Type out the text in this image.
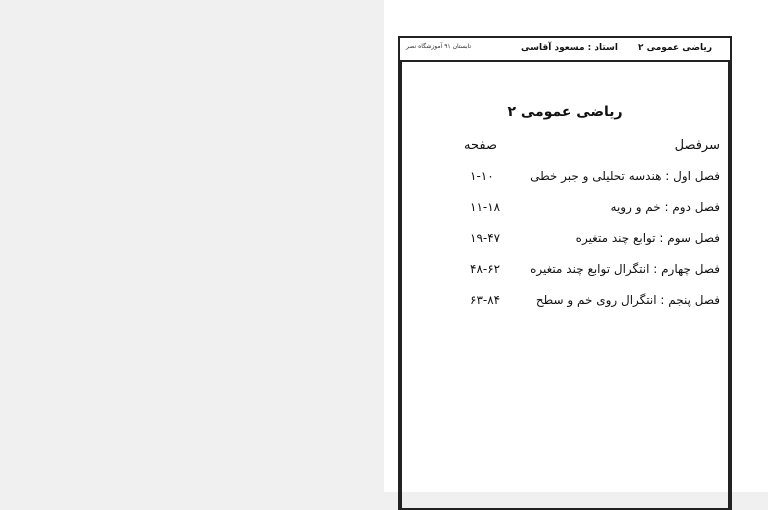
ریاضی عمومی ۲
استاد : مسعود آقاسی
تابستان ۹۱ آموزشگاه نصر
ریاضی عمومی ۲
سرفصل
صفحه
فصل اول : هندسه تحلیلی و جبر خطی
۱-۱۰
فصل دوم : خم و رویه
۱۱-۱۸
فصل سوم : توابع چند متغیره
۱۹-۴۷
فصل چهارم : انتگرال توابع چند متغیره
۴۸-۶۲
فصل پنجم : انتگرال روی خم و سطح
۶۳-۸۴
